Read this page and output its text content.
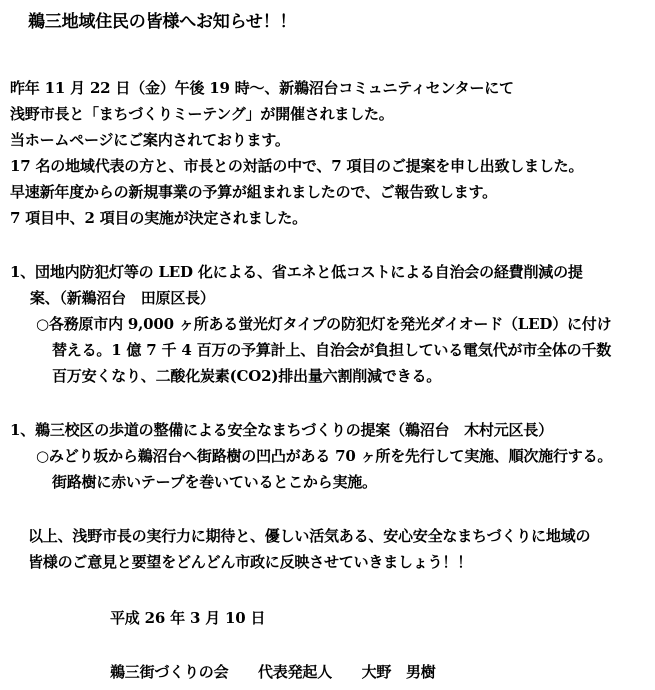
鵜三地域住民の皆様へお知らせ！！
昨年 11 月 22 日（金）午後 19 時～、新鵜沼台コミュニティセンターにて
浅野市長と「まちづくりミーテング」が開催されました。
当ホームページにご案内されております。
17 名の地域代表の方と、市長との対話の中で、7 項目のご提案を申し出致しました。
早速新年度からの新規事業の予算が組まれましたので、ご報告致します。
7 項目中、2 項目の実施が決定されました。
1、団地内防犯灯等の LED 化による、省エネと低コストによる自治会の経費削減の提
　 案、（新鵜沼台　田原区長）
○各務原市内 9,000 ヶ所ある蛍光灯タイプの防犯灯を発光ダイオード（LED）に付け
替える。1 億 7 千 4 百万の予算計上、自治会が負担している電気代が市全体の千数
百万安くなり、二酸化炭素(CO2)排出量六割削減できる。
1、鵜三校区の歩道の整備による安全なまちづくりの提案（鵜沼台　木村元区長）
○みどり坂から鵜沼台へ街路樹の凹凸がある 70 ヶ所を先行して実施、順次施行する。
街路樹に赤いテープを巻いているとこから実施。
以上、浅野市長の実行力に期待と、優しい活気ある、安心安全なまちづくりに地域の
皆様のご意見と要望をどんどん市政に反映させていきましょう！！
平成 26 年 3 月 10 日
鵜三街づくりの会　　代表発起人　　大野　男樹
